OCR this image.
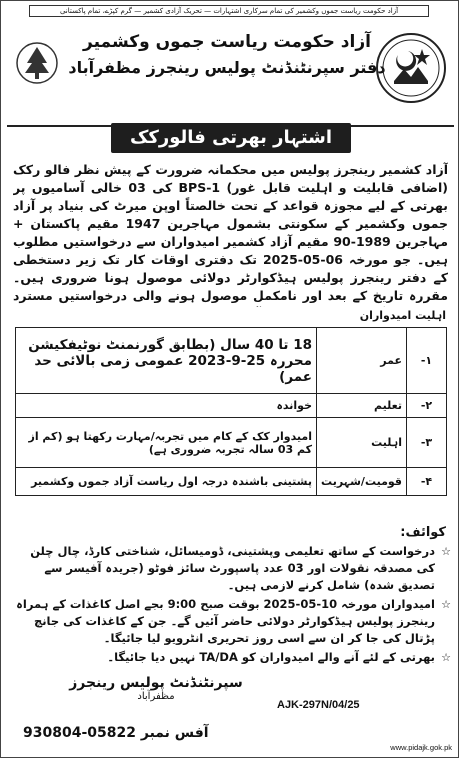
آزاد حکومت ریاست جموں وکشمیر کی تمام سرکاری اشتہارات — تحریک آزادی کشمیر — گرم کپڑے، تمام پاکستانی
آزاد حکومت ریاست جموں وکشمیر
دفتر سپرنٹنڈنٹ پولیس رینجرز مظفرآباد
اشتہار بھرتی فالورکک
آزاد کشمیر رینجرز پولیس میں محکمانہ ضرورت کے پیش نظر فالو رکک (اضافی قابلیت و اہلیت قابل غور) BPS-1 کی 03 خالی آسامیوں پر بھرتی کے لیے مجوزہ قواعد کے تحت خالصتاً اوپن میرٹ کی بنیاد پر آزاد جموں وکشمیر کے سکونتی بشمول مہاجرین 1947 مقیم پاکستان + مہاجرین 1989-90 مقیم آزاد کشمیر امیدواران سے درخواستیں مطلوب ہیں۔ جو مورخہ 06-05-2025 تک دفتری اوقات کار تک زیر دستخطی کے دفتر رینجرز پولیس ہیڈکوارٹر دولائی موصول ہونا ضروری ہیں۔ مقررہ تاریخ کے بعد اور نامکمل موصول ہونے والی درخواستیں مسترد
اہلیت امیدواران
۱-	عمر	18 تا 40 سال (بطابق گورنمنٹ نوٹیفکیشن محررہ 25-9-2023 عمومی زمی بالائی حد عمر)
۲-	تعلیم	خواندہ
۳-	اہلیت	امیدوار کک کے کام میں تجربہ/مہارت رکھتا ہو (کم از کم 03 سالہ تجربہ ضروری ہے)
۴-	قومیت/شہریت	پشتینی باشندہ درجہ اول ریاست آزاد جموں وکشمیر
کوائف:
☆
درخواست کے ساتھ تعلیمی وپشتینی، ڈومیسائل، شناختی کارڈ، چال چلن کی مصدقہ نقولات اور 03 عدد پاسپورٹ سائز فوٹو (جریدہ آفیسر سے تصدیق شدہ) شامل کرنے لازمی ہیں۔
☆
امیدواران مورخہ 10-05-2025 بوقت صبح 9:00 بجے اصل کاغذات کے ہمراہ رینجرز پولیس ہیڈکوارٹر دولائی حاضر آئیں گے۔ جن کے کاغذات کی جانچ پڑتال کی جا کر ان سے اسی روز تحریری انٹرویو لیا جائیگا۔
☆
بھرتی کے لئے آنے والے امیدواران کو TA/DA نہیں دیا جائیگا۔
سپرنٹنڈنٹ پولیس رینجرز
مظفرآباد
AJK-297N/04/25
آفس نمبر 05822-930804
www.pidajk.gok.pk
